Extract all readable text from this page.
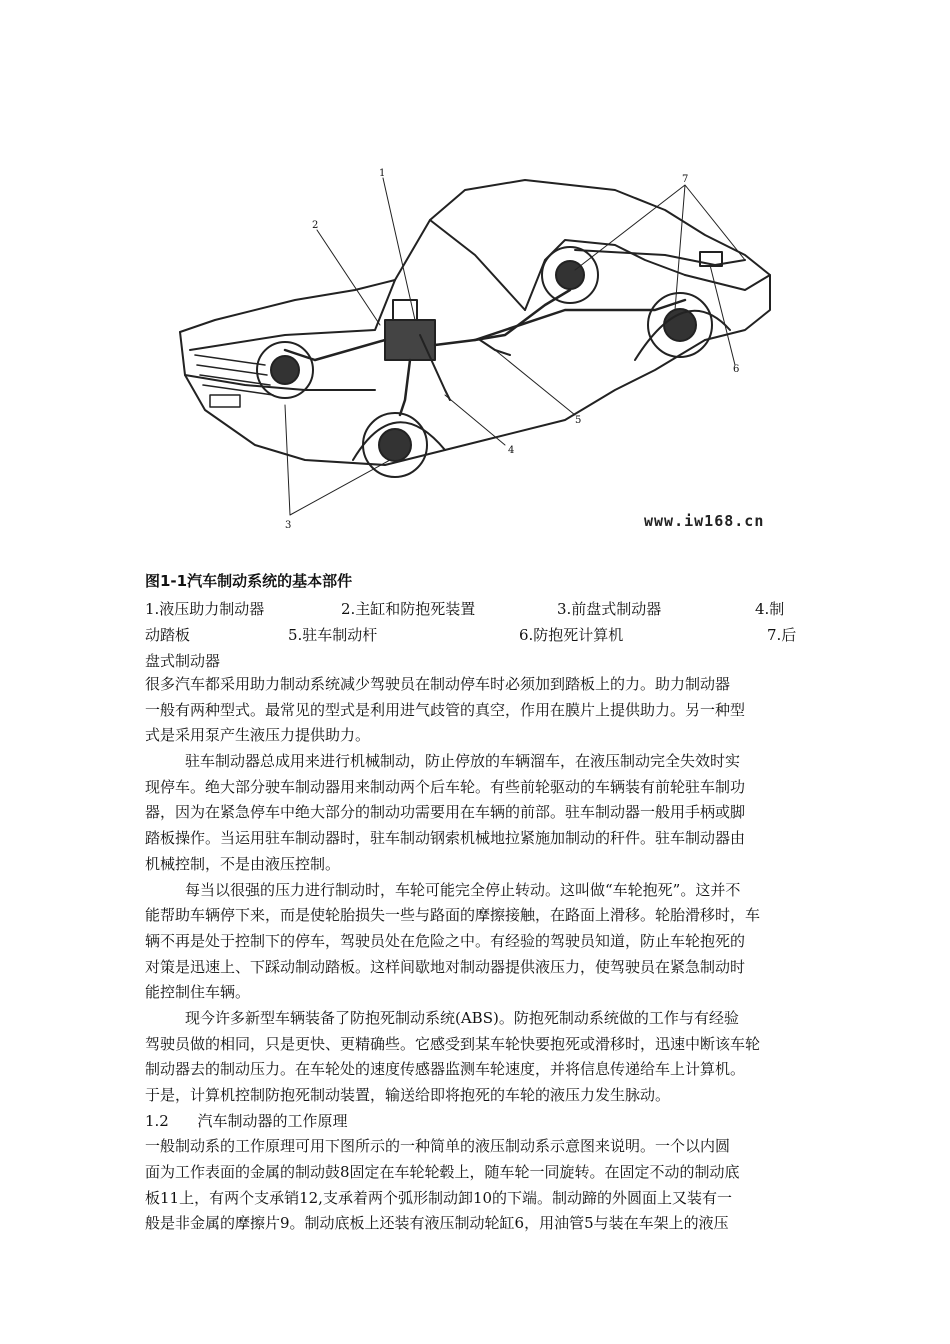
1
2
3
4
5
6
7
www.iw168.cn
图1-1汽车制动系统的基本部件
1.液压助力制动器	2.主缸和防抱死装置	3.前盘式制动器	4.制
动踏板	5.驻车制动杆	6.防抱死计算机	7.后
盘式制动器
很多汽车都采用助力制动系统减少驾驶员在制动停车时必须加到踏板上的力。助力制动器
一般有两种型式。最常见的型式是利用进气歧管的真空，作用在膜片上提供助力。另一种型
式是采用泵产生液压力提供助力。
驻车制动器总成用来进行机械制动，防止停放的车辆溜车，在液压制动完全失效时实
现停车。绝大部分驶车制动器用来制动两个后车轮。有些前轮驱动的车辆装有前轮驻车制功
器，因为在紧急停车中绝大部分的制动功需要用在车辆的前部。驻车制动器一般用手柄或脚
踏板操作。当运用驻车制动器时，驻车制动钢索机械地拉紧施加制动的秆件。驻车制动器由
机械控制，不是由液压控制。
每当以很强的压力进行制动时，车轮可能完全停止转动。这叫做“车轮抱死”。这并不
能帮助车辆停下来，而是使轮胎损失一些与路面的摩擦接触，在路面上滑移。轮胎滑移时，车
辆不再是处于控制下的停车，驾驶员处在危险之中。有经验的驾驶员知道，防止车轮抱死的
对策是迅速上、下踩动制动踏板。这样间歇地对制动器提供液压力，使驾驶员在紧急制动时
能控制住车辆。
现今许多新型车辆装备了防抱死制动系统(ABS)。防抱死制动系统做的工作与有经验
驾驶员做的相同，只是更快、更精确些。它感受到某车轮快要抱死或滑移时，迅速中断该车轮
制动器去的制动压力。在车轮处的速度传感器监测车轮速度，并将信息传递给车上计算机。
于是，计算机控制防抱死制动装置，输送给即将抱死的车轮的液压力发生脉动。
1.2      汽车制动器的工作原理
一般制动系的工作原理可用下图所示的一种简单的液压制动系示意图来说明。一个以内圆
面为工作表面的金属的制动鼓8固定在车轮轮毂上，随车轮一同旋转。在固定不动的制动底
板11上，有两个支承销12,支承着两个弧形制动卸10的下端。制动蹄的外圆面上又装有一
般是非金属的摩擦片9。制动底板上还装有液压制动轮缸6，用油管5与装在车架上的液压
